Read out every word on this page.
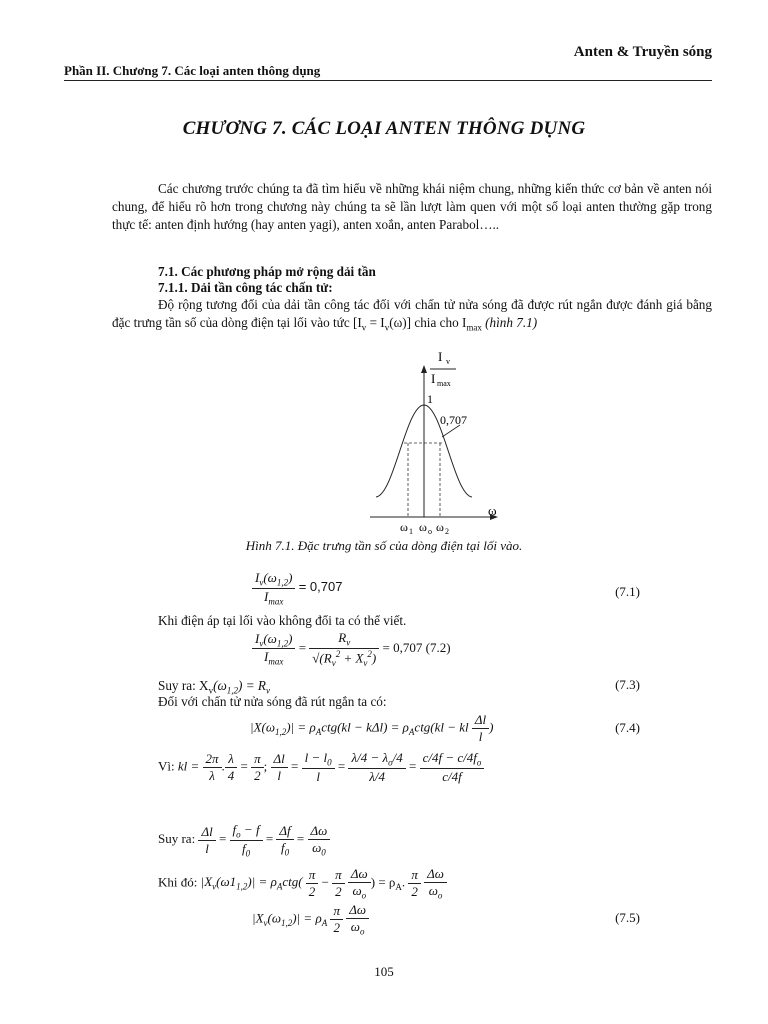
Anten & Truyền sóng
Phần II. Chương 7. Các loại anten thông dụng
CHƯƠNG 7. CÁC LOẠI ANTEN THÔNG DỤNG
Các chương trước chúng ta đã tìm hiểu về những khái niệm chung, những kiến thức cơ bản về anten nói chung, để hiểu rõ hơn trong chương này chúng ta sẽ lần lượt làm quen với một số loại anten thường gặp trong thực tế: anten định hướng (hay anten yagi), anten xoắn, anten Parabol…..
7.1. Các phương pháp mở rộng dải tần
7.1.1. Dải tần công tác chấn tử:
Độ rộng tương đối của dải tần công tác đối với chấn tử nửa sóng đã được rút ngắn được đánh giá bằng đặc trưng tần số của dòng điện tại lối vào tức $[I_v = I_v(\omega)]$ chia cho $I_{max}$ (hình 7.1)
I v
I max
ω
1
0,707
ω 1 ω o ω 2
Hình 7.1. Đặc trưng tần số của dòng điện tại lối vào.
$\frac{I_v(\omega_{1,2})}{I_{max}} = 0,707$	(7.1)
Khi điện áp tại lối vào không đổi ta có thể viết.
$\frac{I_v(\omega_{1,2})}{I_{max}} = \frac{R_v}{√(R_v^2 + X_v^2)} = 0,707$ (7.2)
Suy ra: $X_v(\omega_{1,2}) = R_v$	(7.3)
Đối với chấn tử nửa sóng đã rút ngắn ta có:
$|X(\omega_{1,2})| = \rho_Actg(kl - k\Delta l) = \rho_Actg(kl$ − kl $\frac{\Delta l}{l}$ )	(7.4)
Vì: kl = $\frac{2\pi}{\lambda}$ . $\frac{\lambda}{4} = \frac{\pi}{2}$ ; $\frac{\Delta l}{l} = \frac{l - l_0}{l} = \frac{\lambda/4 - \lambda_o/4}{\lambda/4} = \frac{c/4f - c/4f_o}{c/4f}$
Suy ra: $\frac{\Delta l}{l} = \frac{f_o - f}{f_0} = \frac{\Delta f}{f_0} = \frac{\Delta\omega}{\omega_0}$
Khi đó: $|X_v(\omega 1_{1,2})| = \rho_Actg( \frac{\pi}{2} - \frac{\pi}{2}$
$\frac{\Delta\omega}{\omega_o}$ ) = $\rho_A$. $\frac{\pi}{2}$
$\frac{\Delta\omega}{\omega_o}$
$|X_v(\omega_{1,2})| = \rho_A \frac{\pi}{2}$
$\frac{\Delta\omega}{\omega_o}$	(7.5)
105
